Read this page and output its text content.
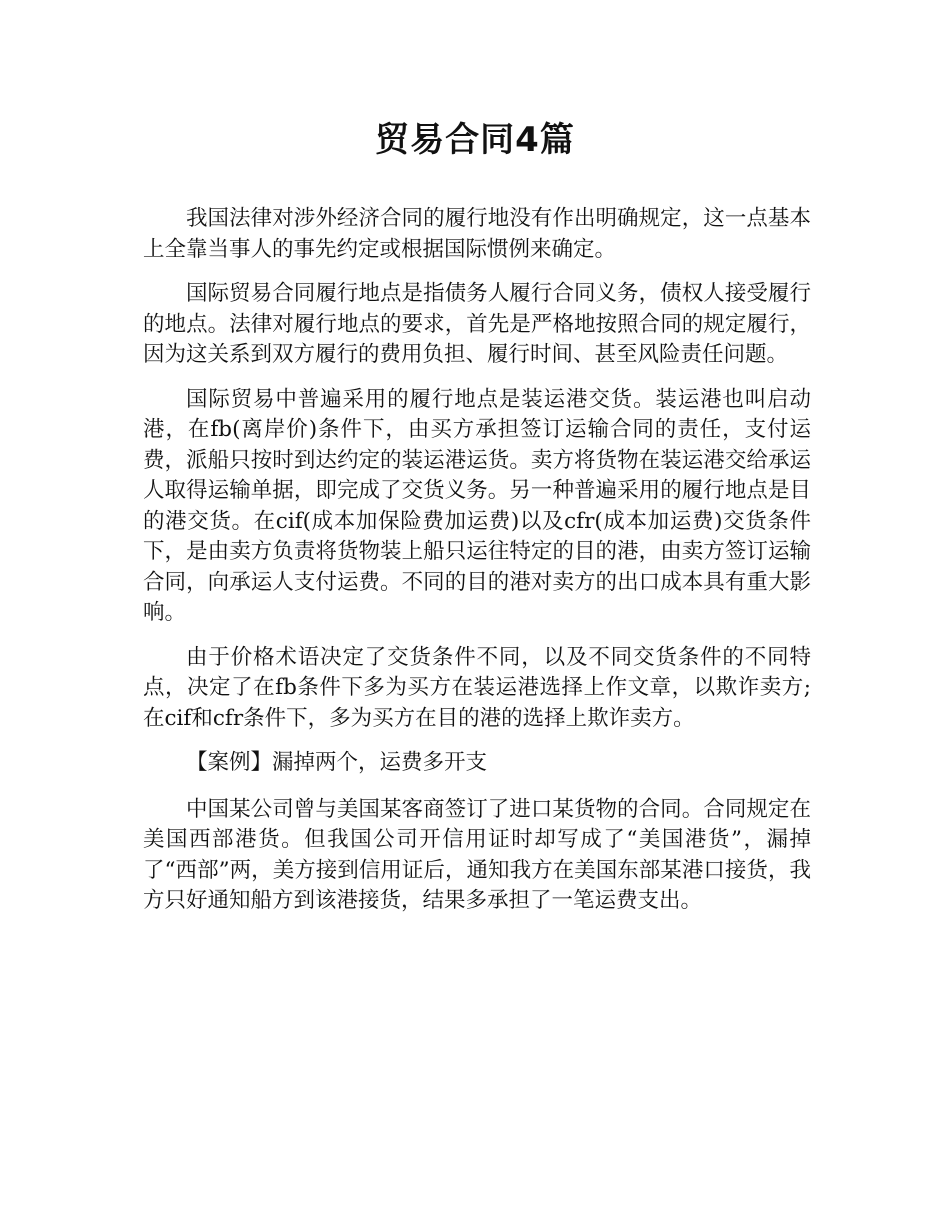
贸易合同4篇

我国法律对涉外经济合同的履行地没有作出明确规定，这一点基本上全靠当事人的事先约定或根据国际惯例来确定。

国际贸易合同履行地点是指债务人履行合同义务，债权人接受履行的地点。法律对履行地点的要求，首先是严格地按照合同的规定履行，因为这关系到双方履行的费用负担、履行时间、甚至风险责任问题。

国际贸易中普遍采用的履行地点是装运港交货。装运港也叫启动港，在fb(离岸价)条件下，由买方承担签订运输合同的责任，支付运费，派船只按时到达约定的装运港运货。卖方将货物在装运港交给承运人取得运输单据，即完成了交货义务。另一种普遍采用的履行地点是目的港交货。在cif(成本加保险费加运费)以及cfr(成本加运费)交货条件下，是由卖方负责将货物装上船只运往特定的目的港，由卖方签订运输合同，向承运人支付运费。不同的目的港对卖方的出口成本具有重大影响。

由于价格术语决定了交货条件不同，以及不同交货条件的不同特点，决定了在fb条件下多为买方在装运港选择上作文章，以欺诈卖方;在cif和cfr条件下，多为买方在目的港的选择上欺诈卖方。

【案例】漏掉两个，运费多开支

中国某公司曾与美国某客商签订了进口某货物的合同。合同规定在美国西部港货。但我国公司开信用证时却写成了“美国港货”，漏掉了“西部”两，美方接到信用证后，通知我方在美国东部某港口接货，我方只好通知船方到该港接货，结果多承担了一笔运费支出。
